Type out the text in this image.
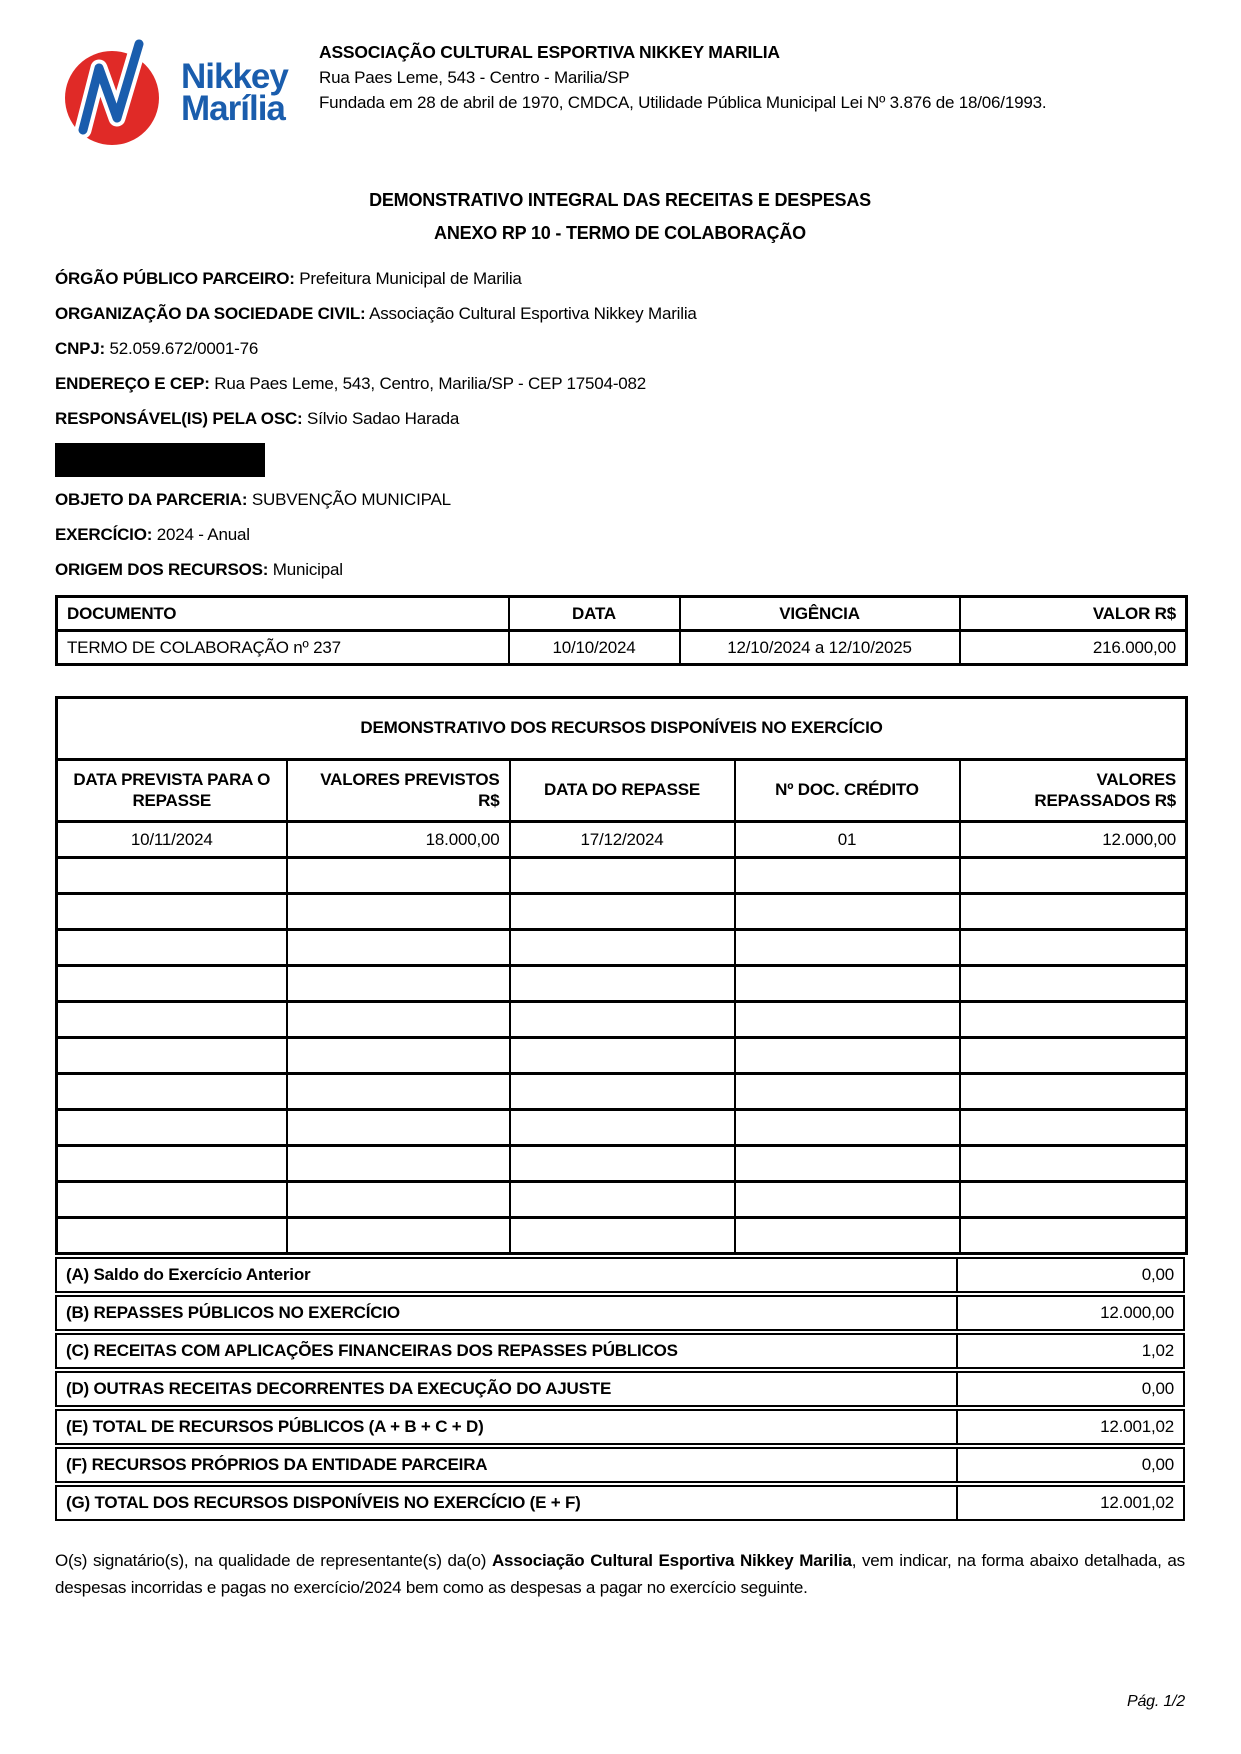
Nikkey
Marília
ASSOCIAÇÃO CULTURAL ESPORTIVA NIKKEY MARILIA
Rua Paes Leme, 543 - Centro - Marilia/SP
Fundada em 28 de abril de 1970, CMDCA, Utilidade Pública Municipal Lei Nº 3.876 de 18/06/1993.
DEMONSTRATIVO INTEGRAL DAS RECEITAS E DESPESAS
ANEXO RP 10 - TERMO DE COLABORAÇÃO
ÓRGÃO PÚBLICO PARCEIRO: Prefeitura Municipal de Marilia
ORGANIZAÇÃO DA SOCIEDADE CIVIL: Associação Cultural Esportiva Nikkey Marilia
CNPJ: 52.059.672/0001-76
ENDEREÇO E CEP: Rua Paes Leme, 543, Centro, Marilia/SP - CEP 17504-082
RESPONSÁVEL(IS) PELA OSC: Sílvio Sadao Harada
OBJETO DA PARCERIA: SUBVENÇÃO MUNICIPAL
EXERCÍCIO: 2024 - Anual
ORIGEM DOS RECURSOS: Municipal
DOCUMENTO	DATA	VIGÊNCIA	VALOR R$
TERMO DE COLABORAÇÃO nº 237	10/10/2024	12/10/2024 a 12/10/2025	216.000,00
DEMONSTRATIVO DOS RECURSOS DISPONÍVEIS NO EXERCÍCIO				
DATA PREVISTA PARA O REPASSE	VALORES PREVISTOS R$	DATA DO REPASSE	Nº DOC. CRÉDITO	VALORES REPASSADOS R$
10/11/2024	18.000,00	17/12/2024	01	12.000,00

(A) Saldo do Exercício Anterior	0,00
(B) REPASSES PÚBLICOS NO EXERCÍCIO	12.000,00
(C) RECEITAS COM APLICAÇÕES FINANCEIRAS DOS REPASSES PÚBLICOS	1,02
(D) OUTRAS RECEITAS DECORRENTES DA EXECUÇÃO DO AJUSTE	0,00
(E) TOTAL DE RECURSOS PÚBLICOS (A + B + C + D)	12.001,02
(F) RECURSOS PRÓPRIOS DA ENTIDADE PARCEIRA	0,00
(G) TOTAL DOS RECURSOS DISPONÍVEIS NO EXERCÍCIO (E + F)	12.001,02

O(s) signatário(s), na qualidade de representante(s) da(o) Associação Cultural Esportiva Nikkey Marilia, vem indicar, na forma abaixo detalhada, as despesas incorridas e pagas no exercício/2024 bem como as despesas a pagar no exercício seguinte.

Pág. 1/2
